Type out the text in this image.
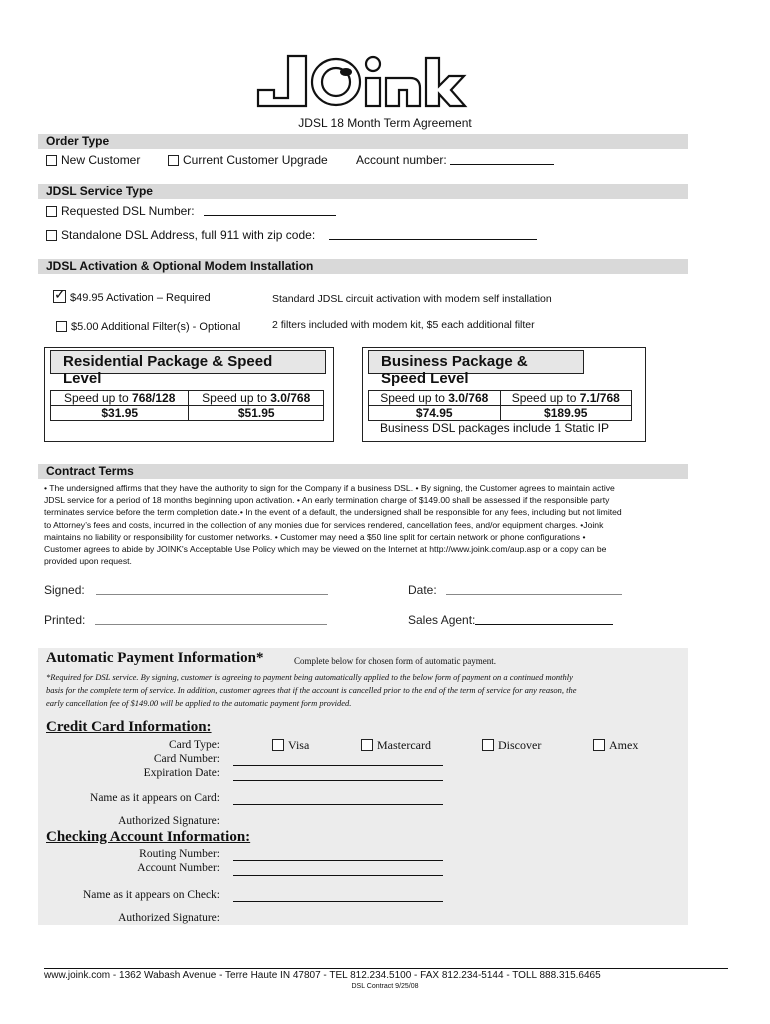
JDSL 18 Month Term Agreement
Order Type
New Customer	Current Customer Upgrade Account number:
JDSL Service Type
Requested DSL Number:
Standalone DSL Address, full 911 with zip code:
JDSL Activation & Optional Modem Installation
✓$49.95 Activation – Required	Standard JDSL circuit activation with modem self installation
$5.00 Additional Filter(s) - Optional	2 filters included with modem kit, $5 each additional filter
Residential Package & Speed Level
Speed up to 768/128	Speed up to 3.0/768
$31.95	$51.95
Business Package & Speed Level
Speed up to 3.0/768	Speed up to 7.1/768
$74.95	$189.95
Business DSL packages include 1 Static IP
Contract Terms
• The undersigned affirms that they have the authority to sign for the Company if a business DSL. • By signing, the Customer agrees to maintain active
JDSL service for a period of 18 months beginning upon activation. • An early termination charge of $149.00 shall be assessed if the responsible party
terminates service before the term completion date.• In the event of a default, the undersigned shall be responsible for any fees, including but not limited
to Attorney’s fees and costs, incurred in the collection of any monies due for services rendered, cancellation fees, and/or equipment charges. •Joink
maintains no liability or responsibility for customer networks. • Customer may need a $50 line split for certain network or phone configurations •
Customer agrees to abide by JOINK's Acceptable Use Policy which may be viewed on the Internet at http://www.joink.com/aup.asp or a copy can be
provided upon request.
Signed:	Date:
Printed:	Sales Agent:
Automatic Payment Information*	Complete below for chosen form of automatic payment.
*Required for DSL service. By signing, customer is agreeing to payment being automatically applied to the below form of payment on a continued monthly
basis for the complete term of service. In addition, customer agrees that if the account is cancelled prior to the end of the term of service for any reason, the
early cancellation fee of $149.00 will be applied to the automatic payment form provided.
Credit Card Information:
Card Type:	Visa	Mastercard	Discover	Amex
Card Number:
Expiration Date:
Name as it appears on Card:
Authorized Signature:
Checking Account Information:
Routing Number:
Account Number:
Name as it appears on Check:
Authorized Signature:
www.joink.com - 1362 Wabash Avenue - Terre Haute IN 47807 - TEL 812.234.5100 - FAX 812.234-5144 - TOLL 888.315.6465
DSL Contract 9/25/08
